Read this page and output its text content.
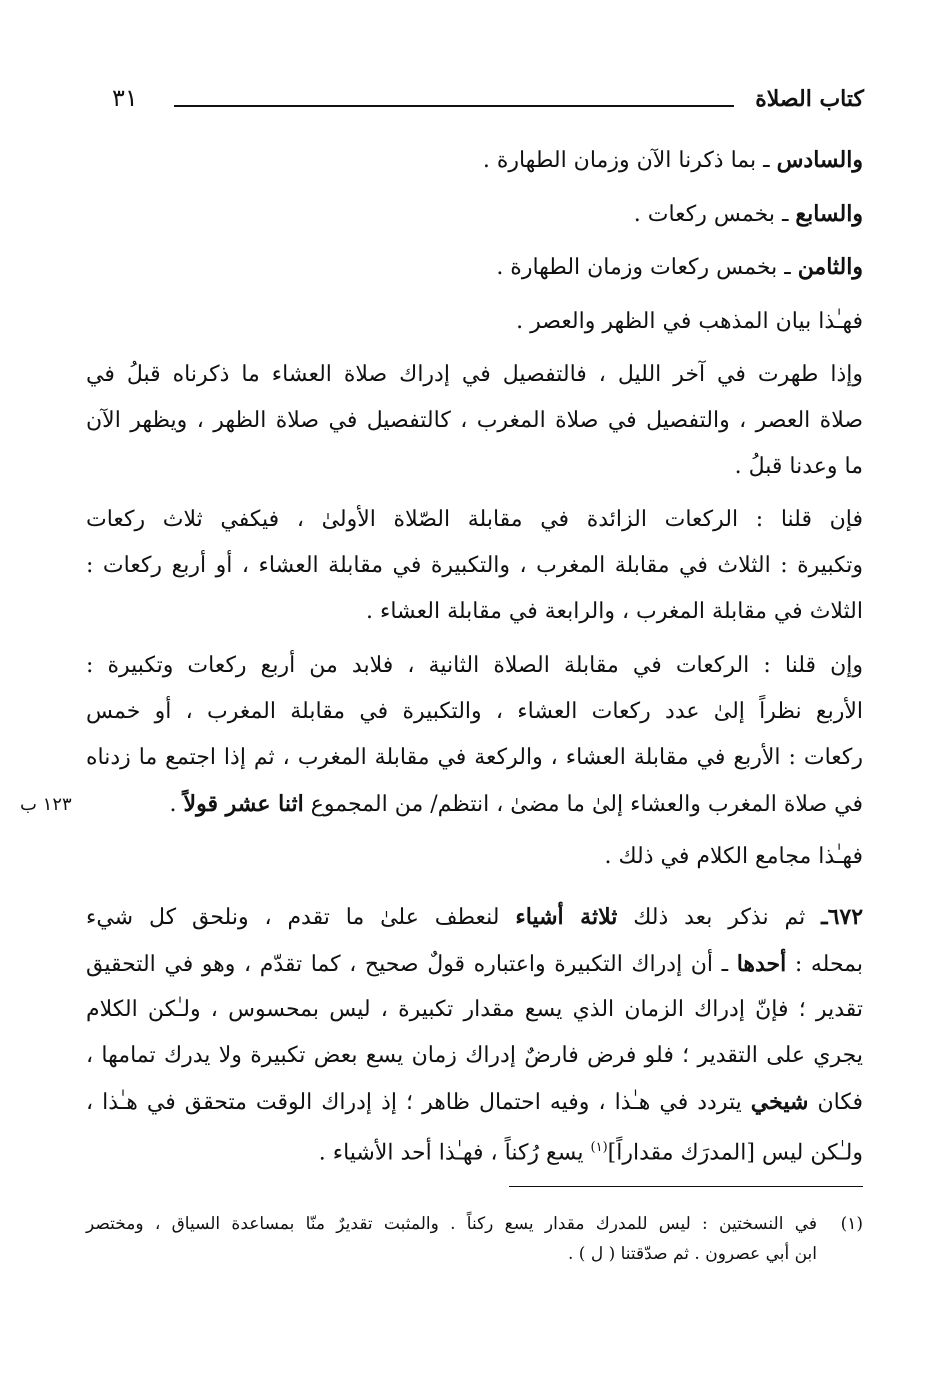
كتاب الصلاة
٣١
والسادس ـ بما ذكرنا الآن وزمان الطهارة .
والسابع ـ بخمس ركعات .
والثامن ـ بخمس ركعات وزمان الطهارة .
فهـٰذا بيان المذهب في الظهر والعصر .
وإذا طهرت في آخر الليل ، فالتفصيل في إدراك صلاة العشاء ما ذكرناه قبلُ في
صلاة العصر ، والتفصيل في صلاة المغرب ، كالتفصيل في صلاة الظهر ، ويظهر الآن
ما وعدنا قبلُ .
فإن قلنا : الركعات الزائدة في مقابلة الصّلاة الأولىٰ ، فيكفي ثلاث ركعات
وتكبيرة : الثلاث في مقابلة المغرب ، والتكبيرة في مقابلة العشاء ، أو أربع ركعات :
الثلاث في مقابلة المغرب ، والرابعة في مقابلة العشاء .
وإن قلنا : الركعات في مقابلة الصلاة الثانية ، فلابد من أربع ركعات وتكبيرة :
الأربع نظراً إلىٰ عدد ركعات العشاء ، والتكبيرة في مقابلة المغرب ، أو خمس
ركعات : الأربع في مقابلة العشاء ، والركعة في مقابلة المغرب ، ثم إذا اجتمع ما زدناه
في صلاة المغرب والعشاء إلىٰ ما مضىٰ ، انتظم/ من المجموع اثنا عشر قولاً .
١٢٣ ب
فهـٰذا مجامع الكلام في ذلك .
٦٧٢ـ ثم نذكر بعد ذلك ثلاثة أشياء لنعطف علىٰ ما تقدم ، ونلحق كل شيء
بمحله : أحدها ـ أن إدراك التكبيرة واعتباره قولٌ صحيح ، كما تقدّم ، وهو في التحقيق
تقدير ؛ فإنّ إدراك الزمان الذي يسع مقدار تكبيرة ، ليس بمحسوس ، ولـٰكن الكلام
يجري على التقدير ؛ فلو فرض فارضٌ إدراك زمان يسع بعض تكبيرة ولا يدرك تمامها ،
فكان شيخي يتردد في هـٰذا ، وفيه احتمال ظاهر ؛ إذ إدراك الوقت متحقق في هـٰذا ،
ولـٰكن ليس [المدرَك مقداراً]$^{(١)}$ يسع رُكناً ، فهـٰذا أحد الأشياء .
(١)في النسختين : ليس للمدرك مقدار يسع ركناً . والمثبت تقديرٌ منّا بمساعدة السياق ، ومختصر
ابن أبي عصرون . ثم صدّقتنا ( ل ) .
